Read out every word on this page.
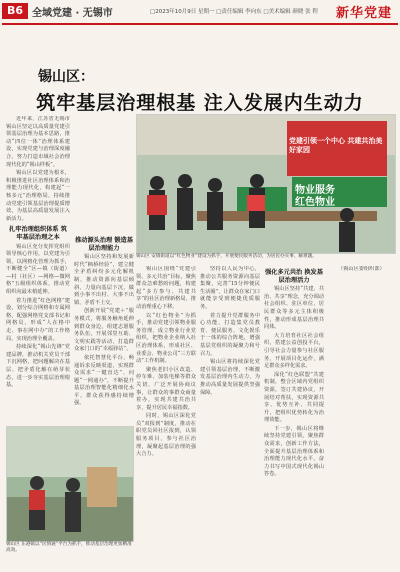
B6 全域党建 · 无锡市	□2023年10月9日 星期一 □责任编辑 李向东 □美术编辑 颜晓 张 程 新华党建
锡山区：
筑牢基层治理根基 注入发展内生动力

近年来，江苏省无锡市锡山区坚定以高质量党建引领基层治理为基本思路，推动“四位一体”治理体系建设，实现党建与治理深度融合，努力打造市域社会治理现代化的“锡山样板”。

锡山区以党建为根本，积极推进社区治理体系和治理能力现代化，构建起“一核多元”治理格局，持续推动党建引领基层治理提质增效，为基层高质量发展注入新活力。

扎牢治理组织体系 筑牢基层治理之本

锡山区充分发挥党组织领导核心作用，以党建为引领，以网格化管理为抓手，不断健全“区—镇（街道）—村（社区）—网格—微网格”五级组织体系，推动党组织向最末梢延伸。

着力推进“红色网格”建设，划分综合网格和专属网格，配强网格党支部书记和网格员，形成“人在格中走、事在网中办”的工作格局，实现治理全覆盖。

持续深化“锡山先锋”党建品牌，推动机关党员干部下沉网格，把问题解决在基层、把矛盾化解在萌芽状态，进一步夯实基层治理根基。

推动源头治理 锻造基层治理能力

锡山区坚持和发展新时代“枫桥经验”，建立健全矛盾纠纷多元化解机制，推动资源向基层倾斜、力量向基层下沉，做到小事不出村、大事不出镇、矛盾不上交。

创新开展“党建＋”服务模式，将服务触角延伸到群众身边，组建志愿服务队伍，开展邻里互助、文明实践等活动，打造群众家门口的“幸福驿站”。

依托智慧化平台，畅通诉求反映渠道，实现群众需求“一键直达”、问题“一网通办”，不断提升基层治理智能化精细化水平，群众获得感持续增强。

党建引领一个中心 共建共治美好家园
物业服务
红色物业
锡山区 安镇街道以“红色物业”建设为抓手，开展便民服务活动，为居民办实事、解难题。

锡山区围绕“党建引领、多元共治”目标，聚焦群众急难愁盼问题，构建起“多方参与、共建共享”的社区治理新格局，推动治理重心下移。

以“红色物业”为抓手，推动党建引领物业服务管理，成立物业行业党组织，把物业企业纳入社区治理体系，形成社区、业委会、物业公司“三方联动”工作机制。

聚焦老旧小区改造、停车难、加装电梯等群众关切，广泛开展协商议事，让群众的事群众商量着办，实现共建共治共享，提升居民幸福指数。

同时，锡山区深化党员“双报到”制度，推动在职党员回社区报到，认领服务项目，参与社区治理，凝聚起基层治理的强大合力。

坚持以人民为中心，推动公共服务资源向基层集聚，完善“15分钟便民生活圈”，让群众在家门口就能享受到便捷优质服务。

着力提升党群服务中心功能，打造集党员教育、便民服务、文化娱乐于一体的综合阵地，增强基层党组织的凝聚力和号召力。

锡山区将持续深化党建引领基层治理，不断激发基层治理内生动力，为推动高质量发展提供坚强保障。

强化多元共治 换发基层治理活力

锡山区坚持“共建、共治、共享”理念，充分调动社会组织、驻区单位、居民群众等多元主体积极性，推动形成基层治理共同体。

大力培育社区社会组织，搭建公益创投平台，引导社会力量参与社区服务，开展项目化运作，满足群众多样化需求。

深化“红色联盟”共建机制，整合区域内党组织资源，签订共建协议，开展结对帮扶，实现资源共享、优势互补、共同提升，把组织优势转化为治理效能。

下一步，锡山区将继续坚持党建引领，聚焦群众需求，创新工作方法，全面提升基层治理体系和治理能力现代化水平，奋力书写中国式现代化锡山答卷。

（锡山区委组织部）

锡山区 东港镇以“民情通”平台为抓手，推动基层治理更加精准高效。
